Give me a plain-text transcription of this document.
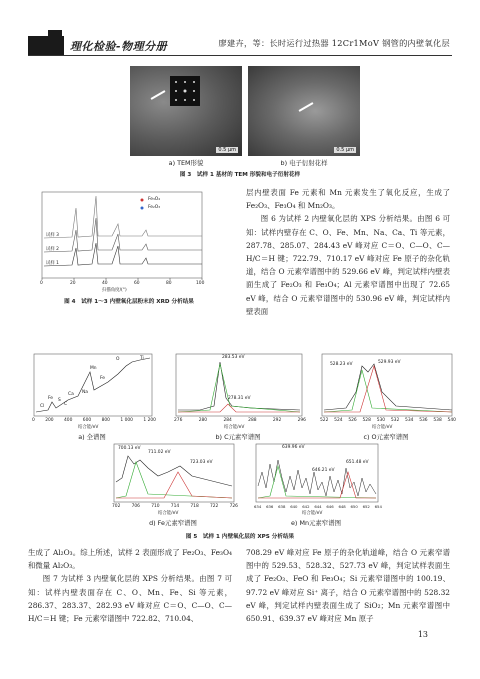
理化检验-物理分册	廖建卉，等：长时运行过热器 12Cr1MoV 钢管的内壁氧化层
0.5 μm	0.5 μm
a) TEM形貌	b) 电子衍射花样
图 3　试样 1 基材的 TEM 形貌和电子衍射花样
Fe₃O₄
Fe₂O₃
试样 1
试样 2
试样 3
0	20	40	60	80	100
扫描角度/(°)
图 4　试样 1～3 内壁氧化层粉末的 XRD 分析结果
层内壁表面 Fe 元素和 Mn 元素发生了氧化反应，生成了 Fe₂O₃、Fe₃O₄ 和 Mn₂O₃。
图 6 为试样 2 内壁氧化层的 XPS 分析结果。由图 6 可知：试样内壁存在 C、O、Fe、Mn、Na、Ca、Ti 等元素，287.78、285.07、284.43 eV 峰对应 C＝O、C—O、C—H/C＝H 键；722.79、710.17 eV 峰对应 Fe 原子的杂化轨道，结合 O 元素窄谱图中的 529.66 eV 峰，判定试样内壁表面生成了 Fe₂O₃ 和 Fe₃O₄；Al 元素窄谱图中出现了 72.65 eV 峰，结合 O 元素窄谱图中的 530.96 eV 峰，判定试样内壁表面
O	Ti
Mn
Fe
Na
Ca
S
C
Fe
Cl
0 200 400 600 800 1 000 1 200
结合能/eV
a) 全谱图
283.53 eV
278.31 eV
276	280	284	288	292	296
结合能/eV
b) C元素窄谱图
528.23 eV	529.93 eV
522 524 526 528 530 532 534 536 538 540
结合能/eV
c) O元素窄谱图
700.13 eV
711.02 eV
723.03 eV
702	706	710	714	718	722	726
结合能/eV
d) Fe元素窄谱图
639.96 eV
646.21 eV
651.48 eV
634 636 638 640 642 644 646 648 650 652 654
结合能/eV
e) Mn元素窄谱图
图 5　试样 1 内壁氧化层的 XPS 分析结果
生成了 Al₂O₃。综上所述，试样 2 表面形成了 Fe₂O₃、Fe₃O₄ 和微量 Al₂O₃。
图 7 为试样 3 内壁氧化层的 XPS 分析结果。由图 7 可知：试样内壁表面存在 C、O、Mn、Fe、Si 等元素，286.37、283.37、282.93 eV 峰对应 C＝O、C—O、C—H/C＝H 键；Fe 元素窄谱图中 722.82、710.04、
708.29 eV 峰对应 Fe 原子的杂化轨道峰，结合 O 元素窄谱图中的 529.53、528.32、527.73 eV 峰，判定试样表面生成了 Fe₂O₃、FeO 和 Fe₃O₄；Si 元素窄谱图中的 100.19、97.72 eV 峰对应 Si⁺ 离子，结合 O 元素窄谱图中的 528.32 eV 峰，判定试样内壁表面生成了 SiO₂；Mn 元素窄谱图中 650.91、639.37 eV 峰对应 Mn 原子
13
